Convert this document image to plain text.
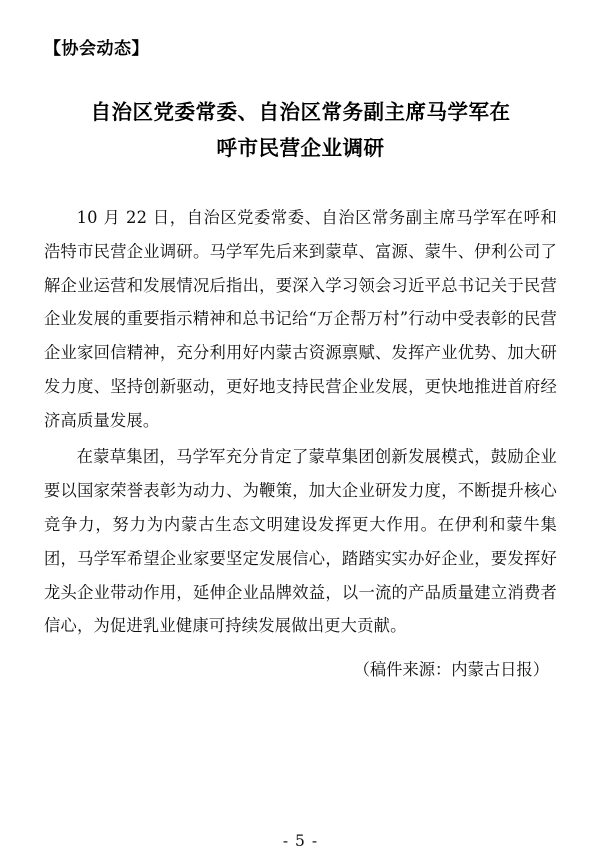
【协会动态】
自治区党委常委、自治区常务副主席马学军在
呼市民营企业调研

10 月 22 日，自治区党委常委、自治区常务副主席马学军在呼和浩特市民营企业调研。马学军先后来到蒙草、富源、蒙牛、伊利公司了解企业运营和发展情况后指出，要深入学习领会习近平总书记关于民营企业发展的重要指示精神和总书记给“万企帮万村”行动中受表彰的民营企业家回信精神，充分利用好内蒙古资源禀赋、发挥产业优势、加大研发力度、坚持创新驱动，更好地支持民营企业发展，更快地推进首府经济高质量发展。

在蒙草集团，马学军充分肯定了蒙草集团创新发展模式，鼓励企业要以国家荣誉表彰为动力、为鞭策，加大企业研发力度，不断提升核心竞争力，努力为内蒙古生态文明建设发挥更大作用。在伊利和蒙牛集团，马学军希望企业家要坚定发展信心，踏踏实实办好企业，要发挥好龙头企业带动作用，延伸企业品牌效益，以一流的产品质量建立消费者信心，为促进乳业健康可持续发展做出更大贡献。

（稿件来源：内蒙古日报）
- 5 -
